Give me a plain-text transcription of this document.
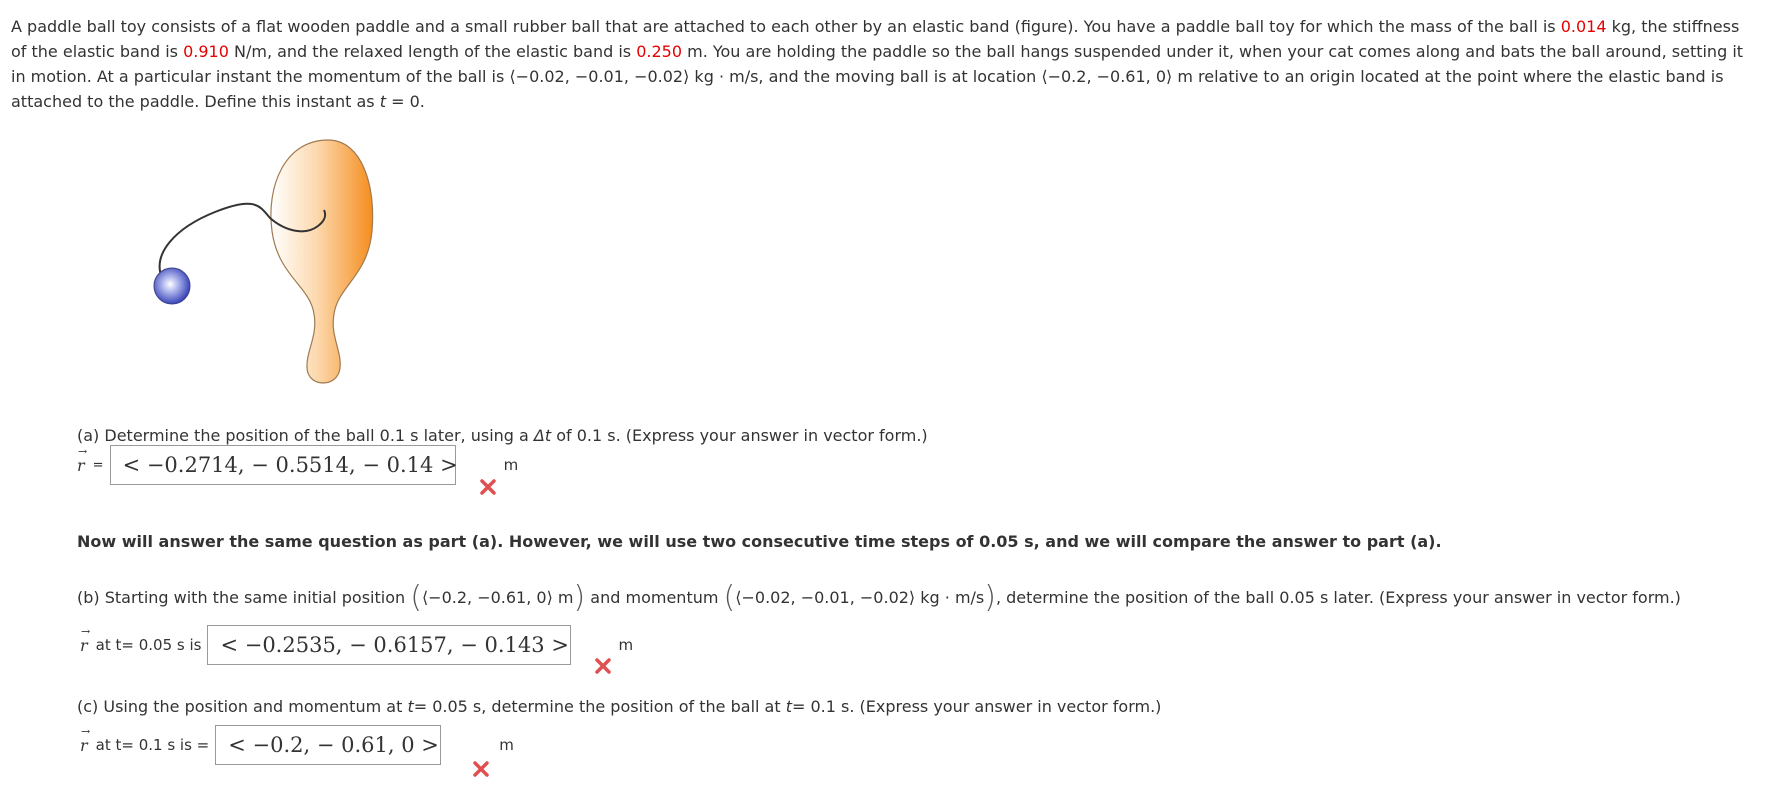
A paddle ball toy consists of a flat wooden paddle and a small rubber ball that are attached to each other by an elastic band (figure). You have a paddle ball toy for which the mass of the ball is 0.014 kg, the stiffness of the elastic band is 0.910 N/m, and the relaxed length of the elastic band is 0.250 m. You are holding the paddle so the ball hangs suspended under it, when your cat comes along and bats the ball around, setting it in motion. At a particular instant the momentum of the ball is ⟨−0.02, −0.01, −0.02⟩ kg · m/s, and the moving ball is at location ⟨−0.2, −0.61, 0⟩ m relative to an origin located at the point where the elastic band is attached to the paddle. Define this instant as t = 0.
(a) Determine the position of the ball 0.1 s later, using a Δt of 0.1 s. (Express your answer in vector form.)
→
r = < −0.2714, − 0.5514, − 0.14 >	m
Now will answer the same question as part (a). However, we will use two consecutive time steps of 0.05 s, and we will compare the answer to part (a).
(b) Starting with the same initial position (⟨−0.2, −0.61, 0⟩ m) and momentum (⟨−0.02, −0.01, −0.02⟩ kg · m/s), determine the position of the ball 0.05 s later. (Express your answer in vector form.)
→
r at t= 0.05 s is < −0.2535, − 0.6157, − 0.143 >	m
(c) Using the position and momentum at t= 0.05 s, determine the position of the ball at t= 0.1 s. (Express your answer in vector form.)
→
r at t= 0.1 s is = < −0.2, − 0.61, 0 >	m
